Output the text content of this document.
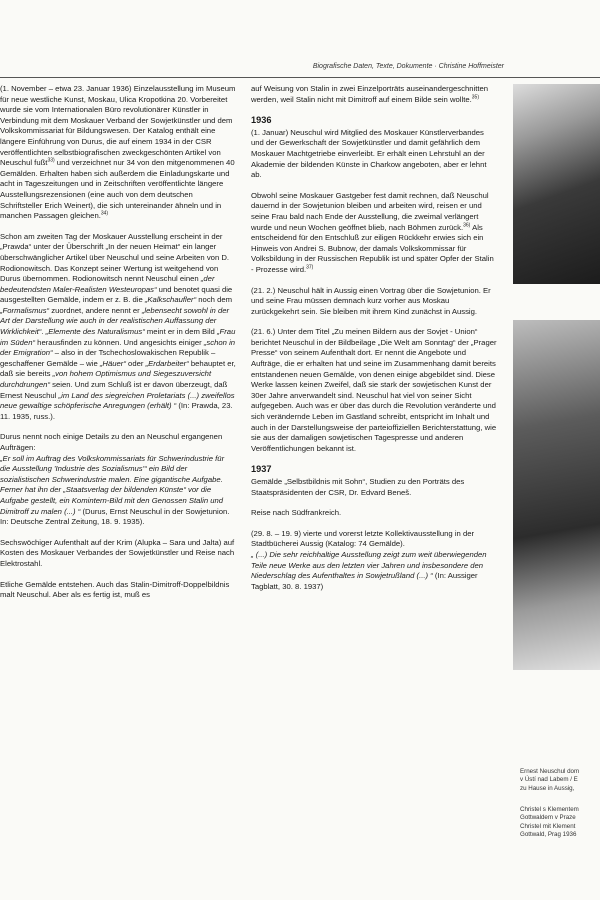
Biografische Daten, Texte, Dokumente · Christine Hoffmeister

(1. November – etwa 23. Januar 1936) Einzelausstellung im Museum für neue westliche Kunst, Moskau, Ulica Kropotkina 20. Vorbereitet wurde sie vom Internationalen Büro revolutionärer Künstler in Verbindung mit dem Moskauer Verband der Sowjetkünstler und dem Volkskommissariat für Bildungswesen. Der Katalog enthält eine längere Einführung von Durus, die auf einem 1934 in der CSR veröffentlichten selbstbiografischen zweckgeschönten Artikel von Neuschul fußt$^{33)}$ und verzeichnet nur 34 von den mitgenommenen 40 Gemälden. Erhalten haben sich außerdem die Einladungskarte und acht in Tageszeitungen und in Zeitschriften veröffentlichte längere Ausstellungsrezensionen (eine auch von dem deutschen Schriftsteller Erich Weinert), die sich untereinander ähneln und in manchen Passagen gleichen.$^{34)}$

Schon am zweiten Tag der Moskauer Ausstellung erscheint in der „Prawda“ unter der Überschrift „In der neuen Heimat“ ein langer überschwänglicher Artikel über Neuschul und seine Arbeiten von D. Rodionowitsch. Das Konzept seiner Wertung ist weitgehend von Durus übernommen. Rodionowitsch nennt Neuschul einen „der bedeutendsten Maler-Realisten Westeuropas“ und benotet quasi die ausgestellten Gemälde, indem er z. B. die „Kalkschaufler“ noch dem „Formalismus“ zuordnet, andere nennt er „lebensecht sowohl in der Art der Darstellung wie auch in der realistischen Auffassung der Wirklichkeit“. „Elemente des Naturalismus“ meint er in dem Bild „Frau im Süden“ herausfinden zu können. Und angesichts einiger „schon in der Emigration“ – also in der Tschechoslowakischen Republik – geschaffener Gemälde – wie „Häuer“ oder „Erdarbeiter“ behauptet er, daß sie bereits „von hohem Optimismus und Siegeszuversicht durchdrungen“ seien. Und zum Schluß ist er davon überzeugt, daß Ernest Neuschul „im Land des siegreichen Proletariats (...) zweifellos neue gewaltige schöpferische Anregungen (erhält) “ (In: Prawda, 23. 11. 1935, russ.).

Durus nennt noch einige Details zu den an Neuschul ergangenen Aufträgen:
„Er soll im Auftrag des Volkskommissariats für Schwerindustrie für die Ausstellung 'Industrie des Sozialismus'“ ein Bild der sozialistischen Schwerindustrie malen. Eine gigantische Aufgabe. Ferner hat ihn der „Staatsverlag der bildenden Künste“ vor die Aufgabe gestellt, ein Komintern-Bild mit den Genossen Stalin und Dimitroff zu malen (...) “ (Durus, Ernst Neuschul in der Sowjetunion. In: Deutsche Zentral Zeitung, 18. 9. 1935).

Sechswöchiger Aufenthalt auf der Krim (Alupka – Sara und Jalta) auf Kosten des Moskauer Verbandes der Sowjetkünstler und Reise nach Elektrostahl.

Etliche Gemälde entstehen. Auch das Stalin-Dimitroff-Doppelbildnis malt Neuschul. Aber als es fertig ist, muß es

auf Weisung von Stalin in zwei Einzelporträts auseinandergeschnitten werden, weil Stalin nicht mit Dimitroff auf einem Bilde sein wollte.$^{35)}$

1936

(1. Januar) Neuschul wird Mitglied des Moskauer Künstlerverbandes und der Gewerkschaft der Sowjetkünstler und damit gefährlich dem Moskauer Machtgetriebe einverleibt. Er erhält einen Lehrstuhl an der Akademie der bildenden Künste in Charkow angeboten, aber er lehnt ab.

Obwohl seine Moskauer Gastgeber fest damit rechnen, daß Neuschul dauernd in der Sowjetunion bleiben und arbeiten wird, reisen er und seine Frau bald nach Ende der Ausstellung, die zweimal verlängert wurde und neun Wochen geöffnet blieb, nach Böhmen zurück.$^{36)}$ Als entscheidend für den Entschluß zur eiligen Rückkehr erwies sich ein Hinweis von Andrei S. Bubnow, der damals Volkskommissar für Volksbildung in der Russischen Republik ist und später Opfer der Stalin - Prozesse wird.$^{37)}$

(21. 2.) Neuschul hält in Aussig einen Vortrag über die Sowjetunion. Er und seine Frau müssen demnach kurz vorher aus Moskau zurückgekehrt sein. Sie bleiben mit ihrem Kind zunächst in Aussig.

(21. 6.) Unter dem Titel „Zu meinen Bildern aus der Sovjet - Union“ berichtet Neuschul in der Bildbeilage „Die Welt am Sonntag“ der „Prager Presse“ von seinem Aufenthalt dort. Er nennt die Angebote und Aufträge, die er erhalten hat und seine im Zusammenhang damit bereits entstandenen neuen Gemälde, von denen einige abgebildet sind. Diese Werke lassen keinen Zweifel, daß sie stark der sowjetischen Kunst der 30er Jahre anverwandelt sind. Neuschul hat viel von seiner Sicht aufgegeben. Auch was er über das durch die Revolution veränderte und sich verändernde Leben im Gastland schreibt, entspricht im Inhalt und auch in der Darstellungsweise der parteioffiziellen Berichterstattung, wie sie aus der damaligen sowjetischen Tagespresse und anderen Veröffentlichungen bekannt ist.

1937

Gemälde „Selbstbildnis mit Sohn“, Studien zu den Porträts des Staatspräsidenten der CSR, Dr. Edvard Beneš.

Reise nach Südfrankreich.

(29. 8. – 19. 9) vierte und vorerst letzte Kollektivausstellung in der Stadtbücherei Aussig (Katalog: 74 Gemälde).
„ (...) Die sehr reichhaltige Ausstellung zeigt zum weit überwiegenden Teile neue Werke aus den letzten vier Jahren und insbesondere den Niederschlag des Aufenthaltes in Sowjetrußland (...) “ (In: Aussiger Tagblatt, 30. 8. 1937)

Ernest Neuschul dom
v Ústí nad Labem / E
zu Hause in Aussig,
Christel s Klementem
Gottwaldem v Praze
Christel mit Klement
Gottwald, Prag 1936
